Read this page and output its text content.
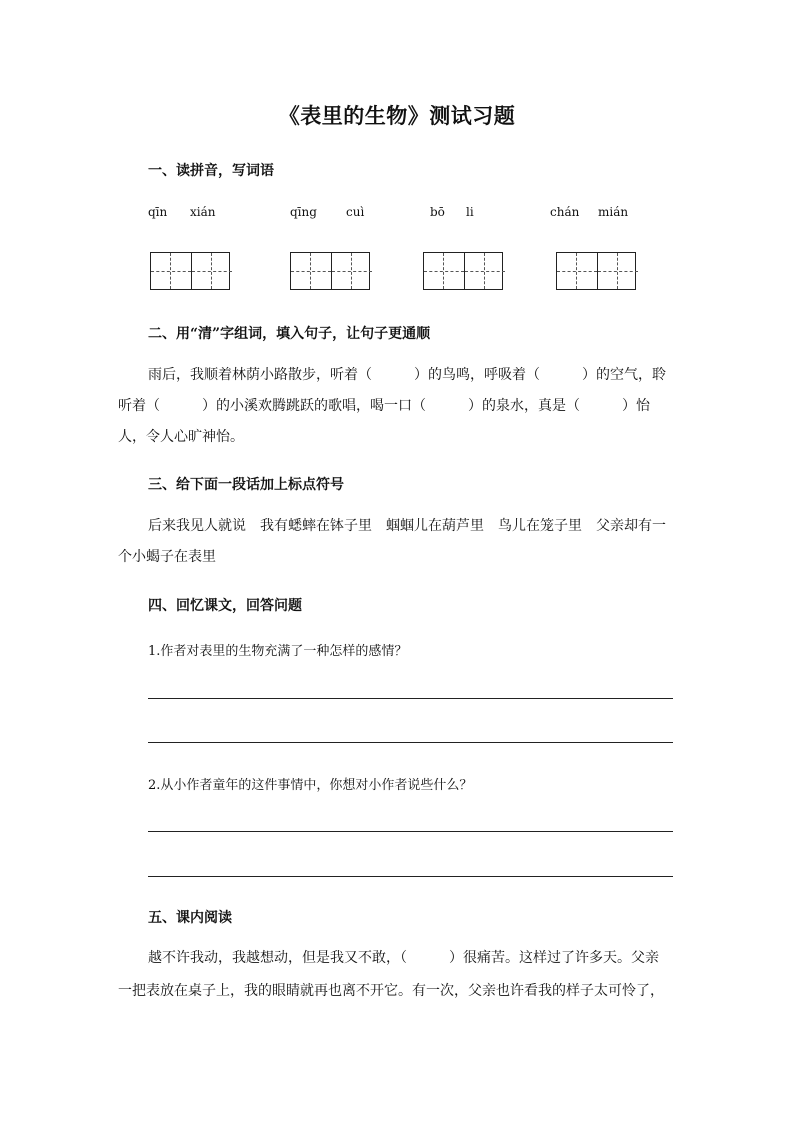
《表里的生物》测试习题
一、读拼音，写词语
qīn xián	qīng cuì	bō li	chán mián
二、用“清”字组词，填入句子，让句子更通顺
雨后，我顺着林荫小路散步，听着（　　　）的鸟鸣，呼吸着（　　　）的空气，聆
听着（　　　）的小溪欢腾跳跃的歌唱，喝一口（　　　）的泉水，真是（　　　）怡
人，令人心旷神怡。
三、给下面一段话加上标点符号
后来我见人就说　我有蟋蟀在钵子里　蝈蝈儿在葫芦里　鸟儿在笼子里　父亲却有一
个小蝎子在表里
四、回忆课文，回答问题
1.作者对表里的生物充满了一种怎样的感情？
2.从小作者童年的这件事情中，你想对小作者说些什么？
五、课内阅读
越不许我动，我越想动，但是我又不敢，（　　　）很痛苦。这样过了许多天。父亲
一把表放在桌子上，我的眼睛就再也离不开它。有一次，父亲也许看我的样子太可怜了，
